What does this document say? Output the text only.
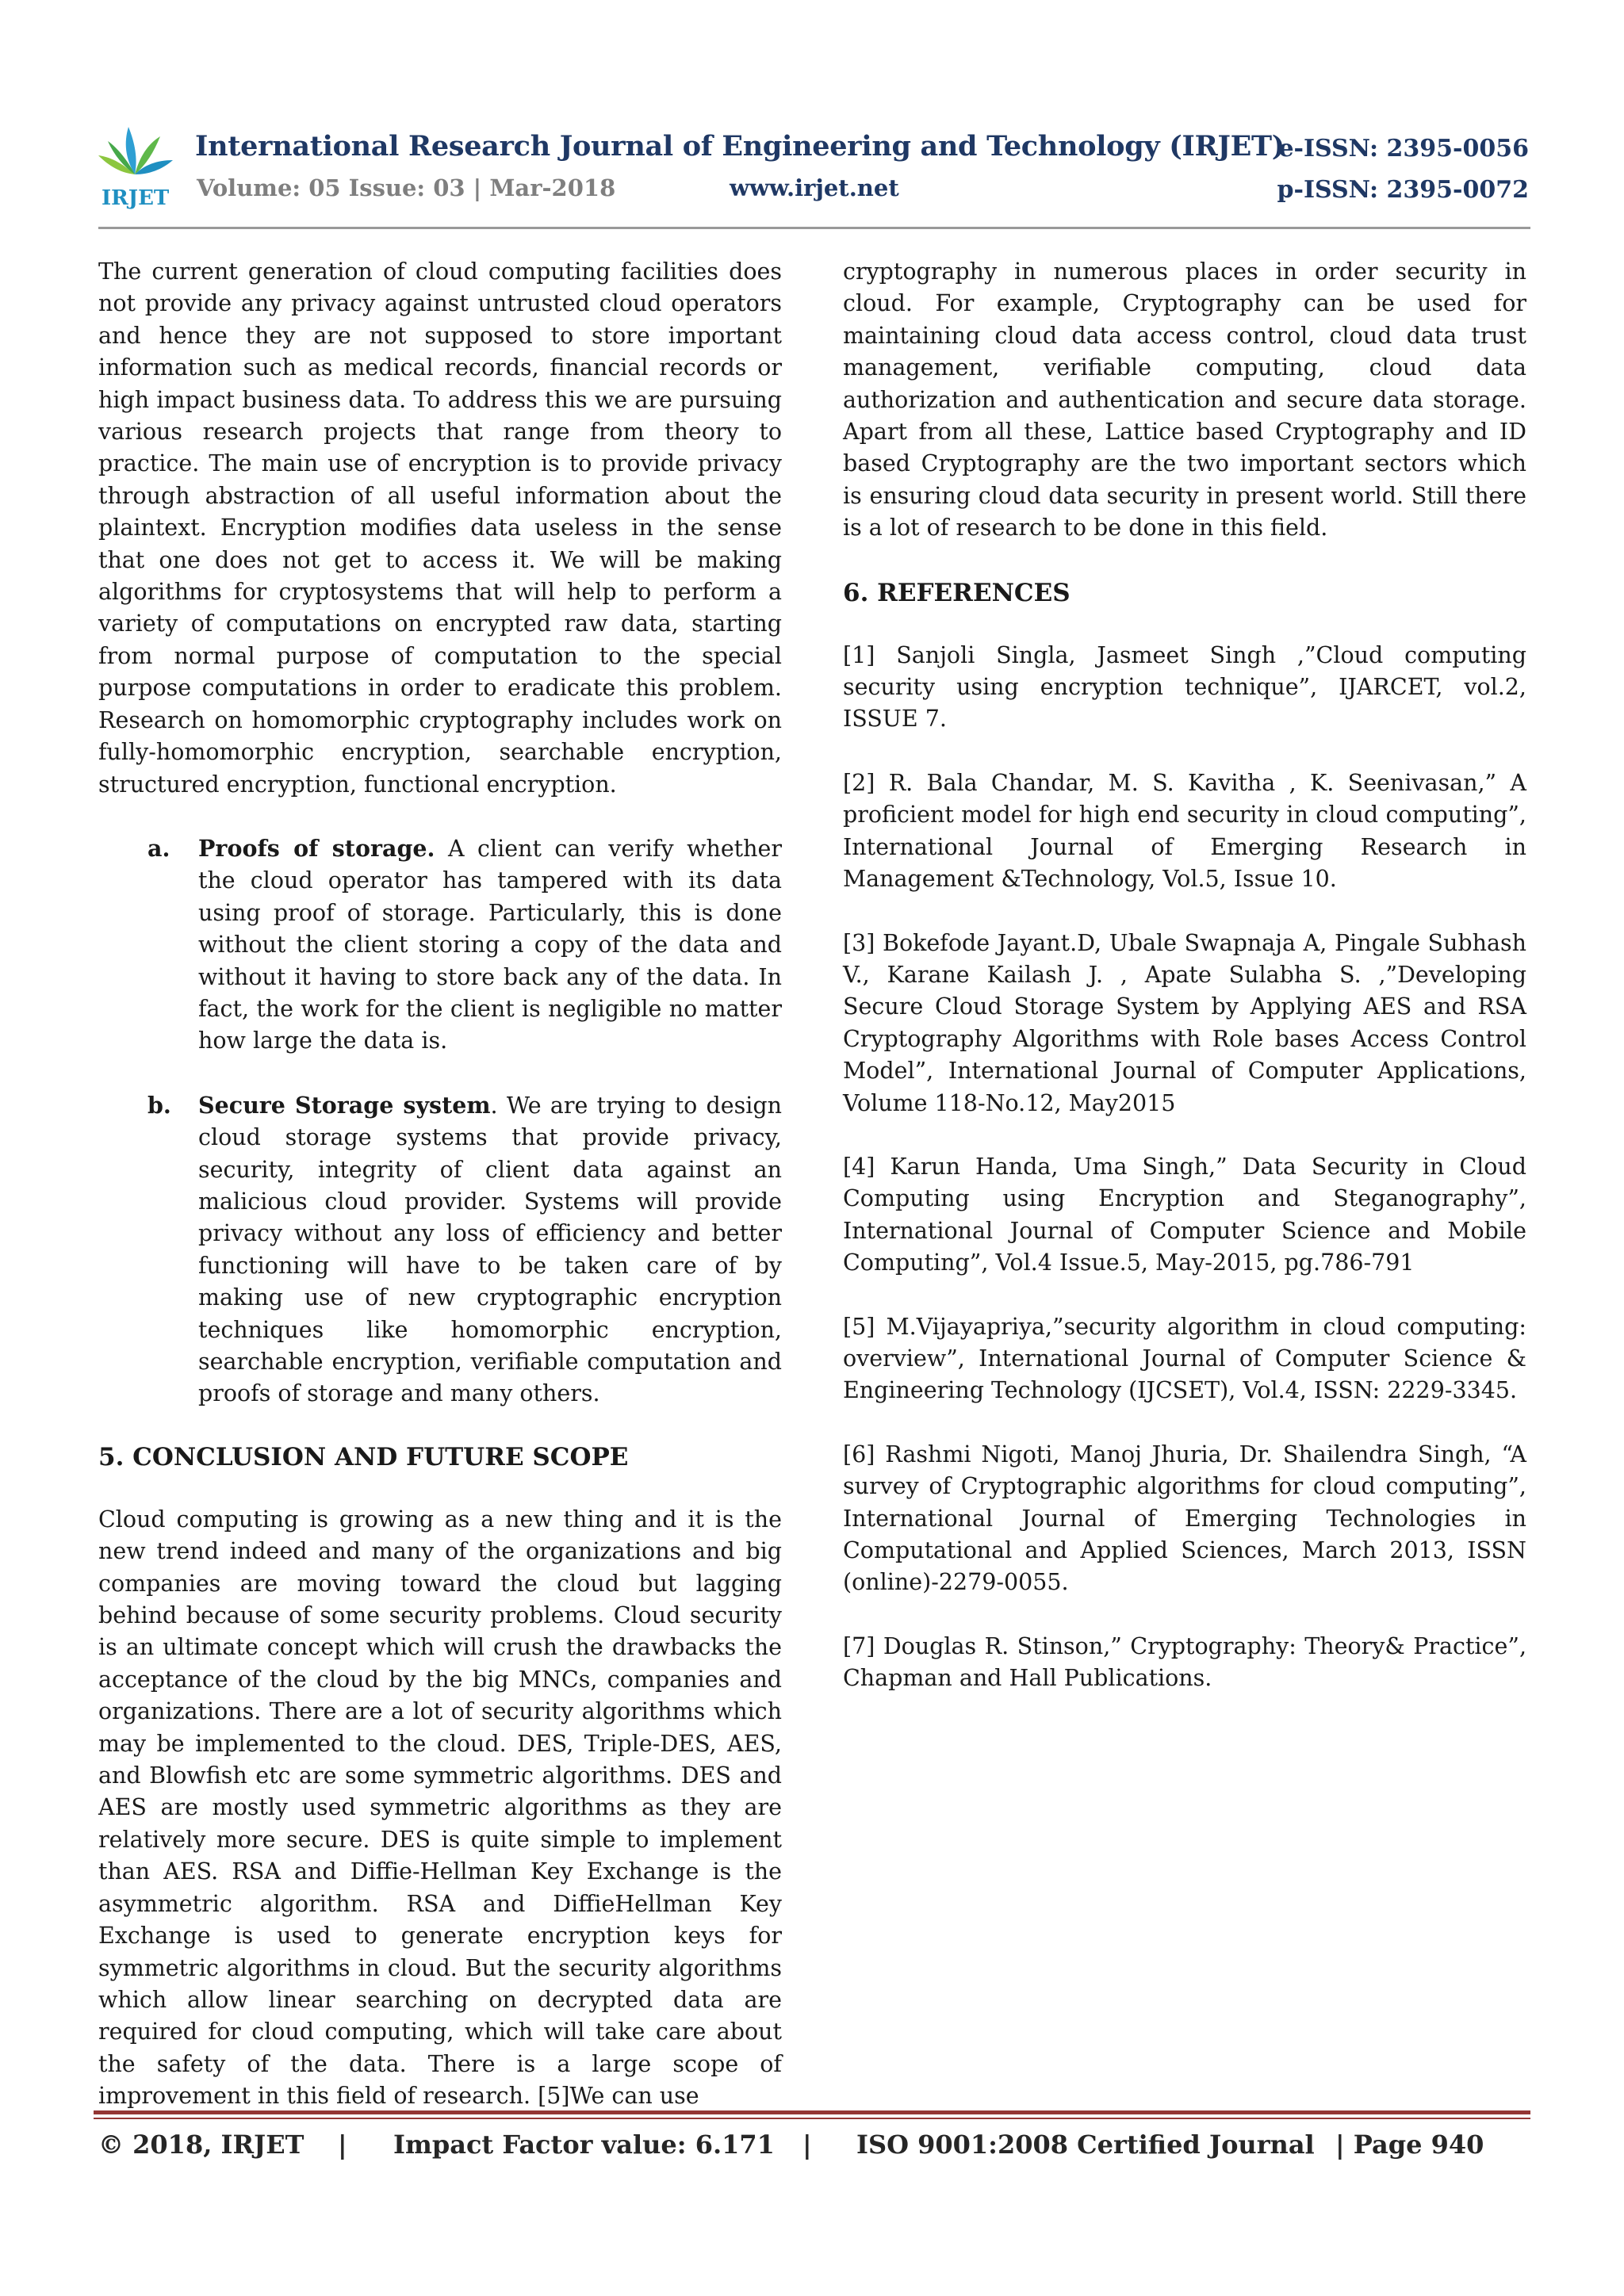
IRJET
International Research Journal of Engineering and Technology (IRJET)
e-ISSN: 2395-0056
Volume: 05 Issue: 03 | Mar-2018	www.irjet.net	p-ISSN: 2395-0072

The current generation of cloud computing facilities does not provide any privacy against untrusted cloud operators and hence they are not supposed to store important information such as medical records, financial records or high impact business data. To address this we are pursuing various research projects that range from theory to practice. The main use of encryption is to provide privacy through abstraction of all useful information about the plaintext. Encryption modifies data useless in the sense that one does not get to access it. We will be making algorithms for cryptosystems that will help to perform a variety of computations on encrypted raw data, starting from normal purpose of computation to the special purpose computations in order to eradicate this problem. Research on homomorphic cryptography includes work on fully-homomorphic encryption, searchable encryption, structured encryption, functional encryption.

a. Proofs of storage. A client can verify whether the cloud operator has tampered with its data using proof of storage. Particularly, this is done without the client storing a copy of the data and without it having to store back any of the data. In fact, the work for the client is negligible no matter how large the data is.

b. Secure Storage system. We are trying to design cloud storage systems that provide privacy, security, integrity of client data against an malicious cloud provider. Systems will provide privacy without any loss of efficiency and better functioning will have to be taken care of by making use of new cryptographic encryption techniques like homomorphic encryption, searchable encryption, verifiable computation and proofs of storage and many others.

5. CONCLUSION AND FUTURE SCOPE

Cloud computing is growing as a new thing and it is the new trend indeed and many of the organizations and big companies are moving toward the cloud but lagging behind because of some security problems. Cloud security is an ultimate concept which will crush the drawbacks the acceptance of the cloud by the big MNCs, companies and organizations. There are a lot of security algorithms which may be implemented to the cloud. DES, Triple-DES, AES, and Blowfish etc are some symmetric algorithms. DES and AES are mostly used symmetric algorithms as they are relatively more secure. DES is quite simple to implement than AES. RSA and Diffie-Hellman Key Exchange is the asymmetric algorithm. RSA and DiffieHellman Key Exchange is used to generate encryption keys for symmetric algorithms in cloud. But the security algorithms which allow linear searching on decrypted data are required for cloud computing, which will take care about the safety of the data. There is a large scope of improvement in this field of research. [5]We can use

cryptography in numerous places in order security in cloud. For example, Cryptography can be used for maintaining cloud data access control, cloud data trust management, verifiable computing, cloud data authorization and authentication and secure data storage. Apart from all these, Lattice based Cryptography and ID based Cryptography are the two important sectors which is ensuring cloud data security in present world. Still there is a lot of research to be done in this field.

6. REFERENCES

[1] Sanjoli Singla, Jasmeet Singh ,”Cloud computing security using encryption technique”, IJARCET, vol.2, ISSUE 7.

[2] R. Bala Chandar, M. S. Kavitha , K. Seenivasan,” A proficient model for high end security in cloud computing”, International Journal of Emerging Research in Management &Technology, Vol.5, Issue 10.

[3] Bokefode Jayant.D, Ubale Swapnaja A, Pingale Subhash V., Karane Kailash J. , Apate Sulabha S. ,”Developing Secure Cloud Storage System by Applying AES and RSA Cryptography Algorithms with Role bases Access Control Model”, International Journal of Computer Applications, Volume 118-No.12, May2015

[4] Karun Handa, Uma Singh,” Data Security in Cloud Computing using Encryption and Steganography”, International Journal of Computer Science and Mobile Computing”, Vol.4 Issue.5, May-2015, pg.786-791

[5] M.Vijayapriya,”security algorithm in cloud computing: overview”, International Journal of Computer Science & Engineering Technology (IJCSET), Vol.4, ISSN: 2229-3345.

[6] Rashmi Nigoti, Manoj Jhuria, Dr. Shailendra Singh, “A survey of Cryptographic algorithms for cloud computing”, International Journal of Emerging Technologies in Computational and Applied Sciences, March 2013, ISSN (online)-2279-0055.

[7] Douglas R. Stinson,” Cryptography: Theory& Practice”, Chapman and Hall Publications.

© 2018, IRJET | Impact Factor value: 6.171 | ISO 9001:2008 Certified Journal | Page 940
